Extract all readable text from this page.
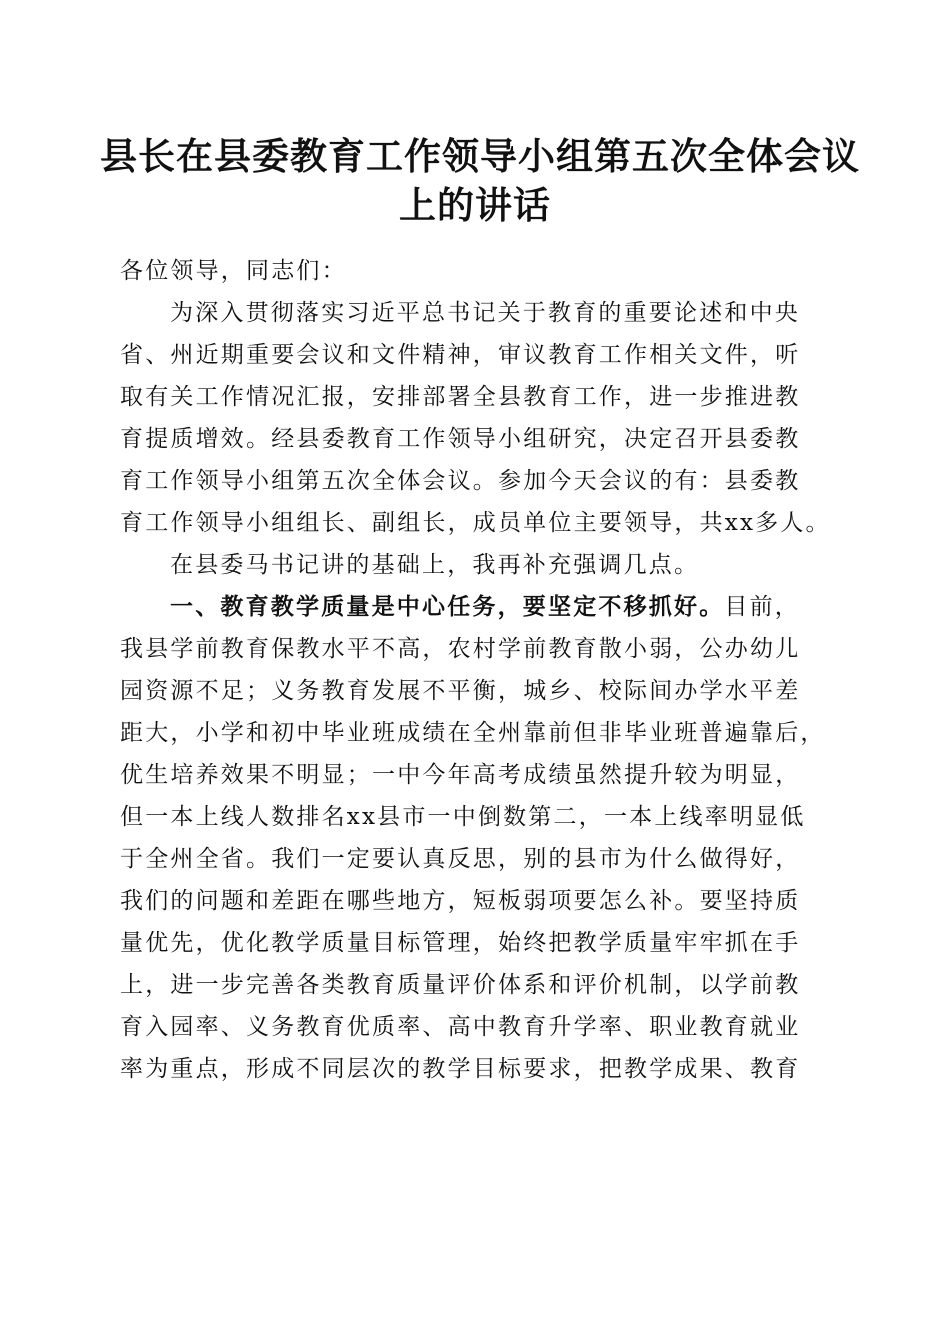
县长在县委教育工作领导小组第五次全体会议
上的讲话
各位领导，同志们：
为深入贯彻落实习近平总书记关于教育的重要论述和中央
省、州近期重要会议和文件精神，审议教育工作相关文件，听
取有关工作情况汇报，安排部署全县教育工作，进一步推进教
育提质增效。经县委教育工作领导小组研究，决定召开县委教
育工作领导小组第五次全体会议。参加今天会议的有：县委教
育工作领导小组组长、副组长，成员单位主要领导，共xx多人。
在县委马书记讲的基础上，我再补充强调几点。
一、教育教学质量是中心任务，要坚定不移抓好。目前，
我县学前教育保教水平不高，农村学前教育散小弱，公办幼儿
园资源不足；义务教育发展不平衡，城乡、校际间办学水平差
距大，小学和初中毕业班成绩在全州靠前但非毕业班普遍靠后，
优生培养效果不明显；一中今年高考成绩虽然提升较为明显，
但一本上线人数排名xx县市一中倒数第二，一本上线率明显低
于全州全省。我们一定要认真反思，别的县市为什么做得好，
我们的问题和差距在哪些地方，短板弱项要怎么补。要坚持质
量优先，优化教学质量目标管理，始终把教学质量牢牢抓在手
上，进一步完善各类教育质量评价体系和评价机制，以学前教
育入园率、义务教育优质率、高中教育升学率、职业教育就业
率为重点，形成不同层次的教学目标要求，把教学成果、教育
